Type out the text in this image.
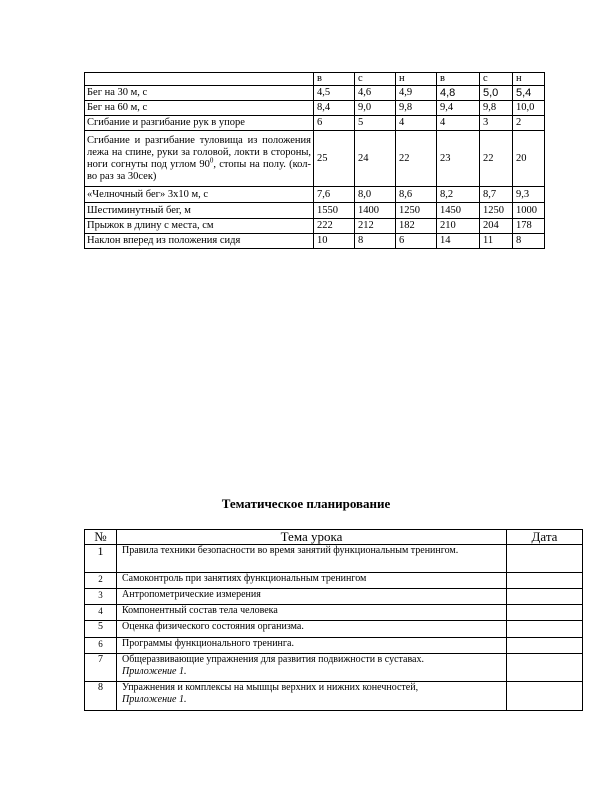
	в	с	н	в	с	н
Бег на 30 м, с	4,5	4,6	4,9	4,8	5,0	5,4
Бег на 60 м, с	8,4	9,0	9,8	9,4	9,8	10,0
Сгибание и разгибание рук в упоре	6	5	4	4	3	2
Сгибание и разгибание туловища из положения лежа на спине, руки за головой, локти в стороны, ноги согнуты под углом $90^0$, стопы на полу. (кол-во раз за 30сек)	25	24	22	23	22	20
«Челночный бег» 3х10 м, с	7,6	8,0	8,6	8,2	8,7	9,3
Шестиминутный бег, м	1550	1400	1250	1450	1250	1000
Прыжок в длину с места, см	222	212	182	210	204	178
Наклон вперед из положения сидя	10	8	6	14	11	8
Тематическое планирование
№	Тема урока	Дата
1	Правила техники безопасности во время занятий функциональным тренингом.	
2	Самоконтроль при занятиях функциональным тренингом	
3	Антропометрические измерения	
4	Компонентный состав тела человека	
5	Оценка физического состояния организма.	
6	Программы функционального тренинга.	
7	Общеразвивающие упражнения для развития подвижности в суставах.
Приложение 1.	

8	Упражнения и комплексы на мышцы верхних и нижних конечностей,
Приложение 1.	
